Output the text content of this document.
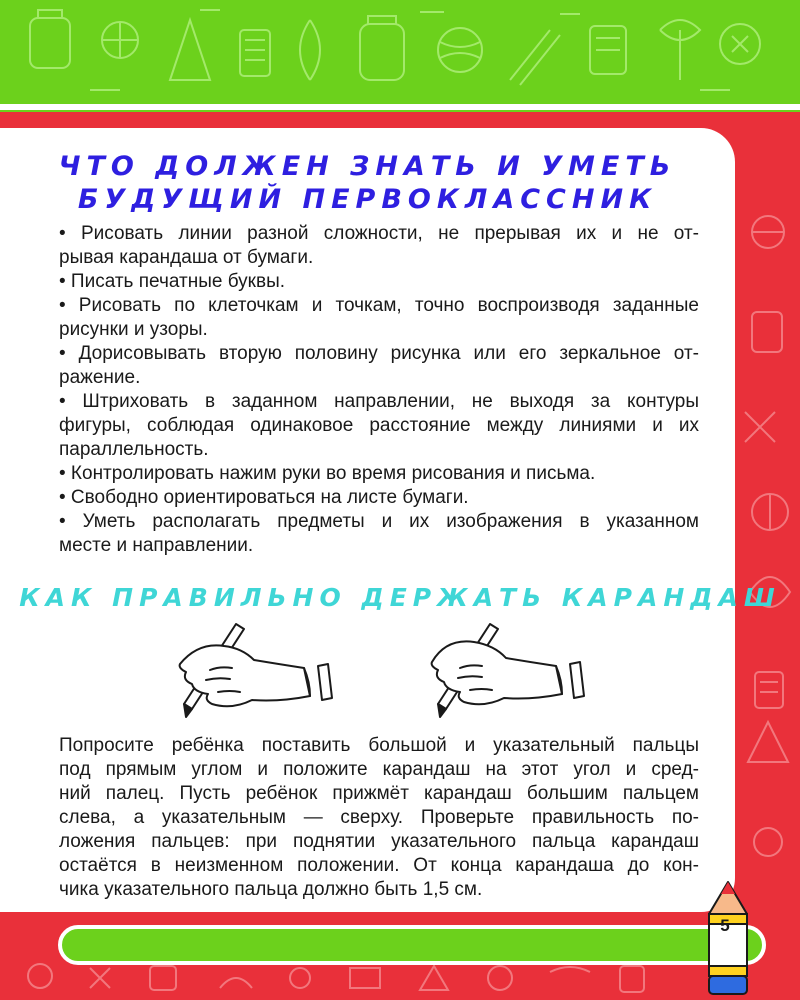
ЧТО ДОЛЖЕН ЗНАТЬ И УМЕТЬ
БУДУЩИЙ ПЕРВОКЛАССНИК
• Рисовать линии разной сложности, не прерывая их и не от-
рывая карандаша от бумаги.
• Писать печатные буквы.
• Рисовать по клеточкам и точкам, точно воспроизводя заданные
рисунки и узоры.
• Дорисовывать вторую половину рисунка или его зеркальное от-
ражение.
• Штриховать в заданном направлении, не выходя за контуры
фигуры, соблюдая одинаковое расстояние между линиями и их
параллельность.
• Контролировать нажим руки во время рисования и письма.
• Свободно ориентироваться на листе бумаги.
• Уметь располагать предметы и их изображения в указанном
месте и направлении.
КАК ПРАВИЛЬНО ДЕРЖАТЬ КАРАНДАШ
Попросите ребёнка поставить большой и указательный пальцы
под прямым углом и положите карандаш на этот угол и сред-
ний палец. Пусть ребёнок прижмёт карандаш большим пальцем
слева, а указательным — сверху. Проверьте правильность по-
ложения пальцев: при поднятии указательного пальца карандаш
остаётся в неизменном положении. От конца карандаша до кон-
чика указательного пальца должно быть 1,5 см.
5
